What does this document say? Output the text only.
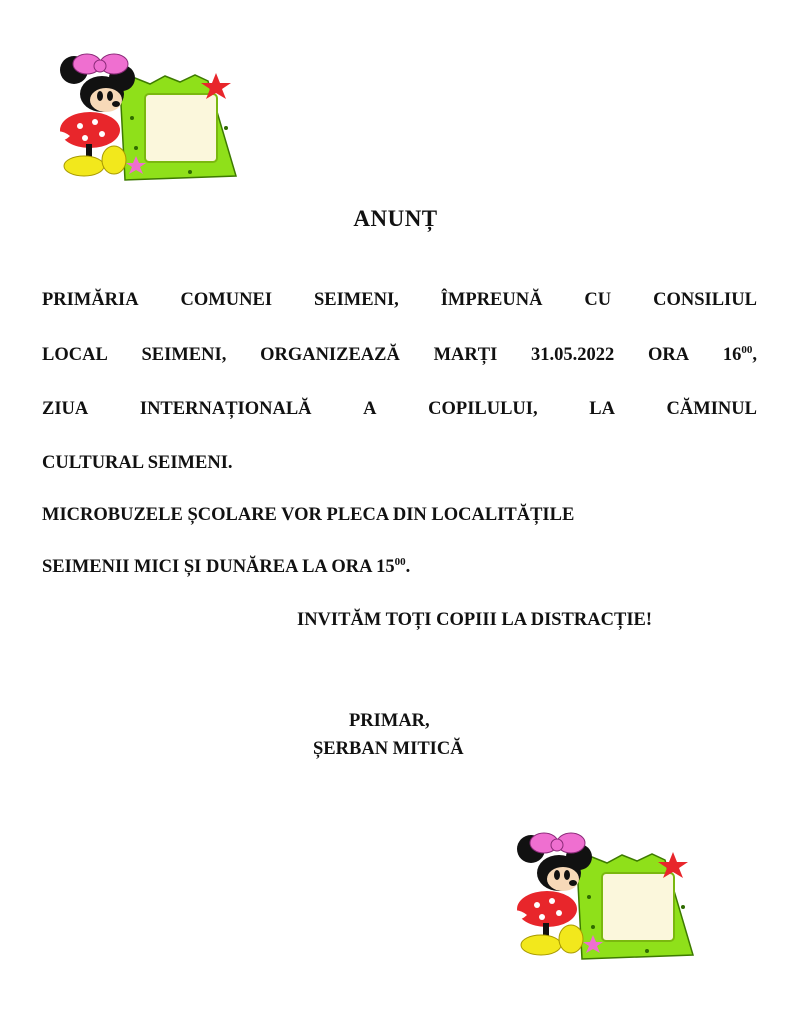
ANUNȚ
PRIMĂRIA COMUNEI SEIMENI, ÎMPREUNĂ CU CONSILIUL
LOCAL SEIMENI, ORGANIZEAZĂ MARȚI 31.05.2022 ORA $16^{00}$,
ZIUA	INTERNAȚIONALĂ	A	COPILULUI,	LA	CĂMINUL
CULTURAL SEIMENI.
MICROBUZELE ȘCOLARE VOR PLECA DIN LOCALITĂȚILE
SEIMENII MICI ȘI DUNĂREA LA ORA $15^{00}$.
INVITĂM TOȚI COPIII LA DISTRACȚIE!
PRIMAR,
ȘERBAN MITICĂ
